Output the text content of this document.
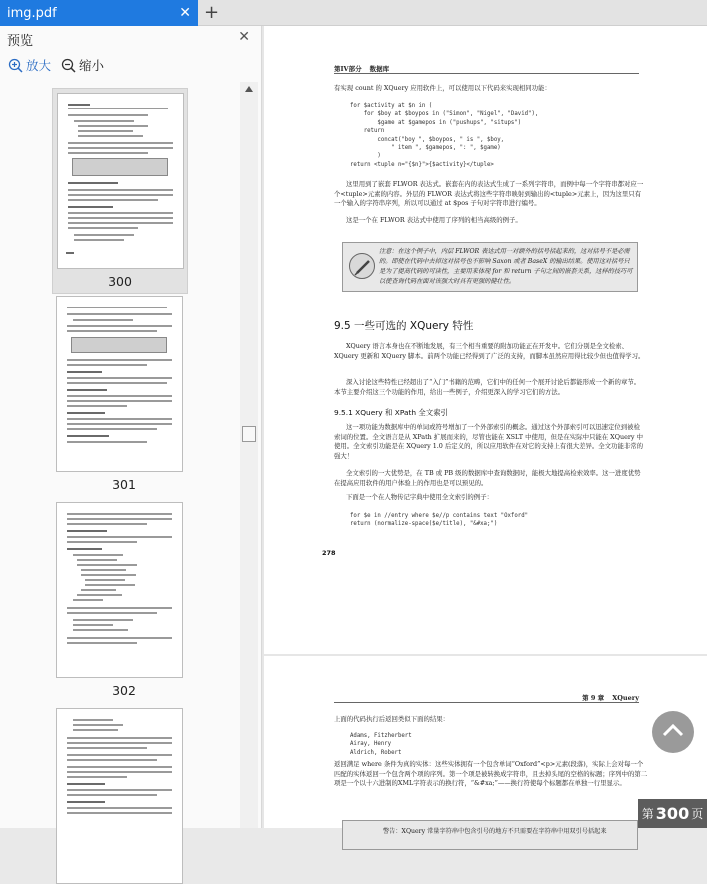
img.pdf	✕ +
预览	✕
放大 缩小
300
301
302
第IV部分 数据库
有实现 count 的 XQuery 应用软件上，可以使用以下代码来实现相同功能：
for $activity at $n in (
for $boy at $boypos in ("Simon", "Nigel", "David"),
$game at $gamepos in ("pushups", "situps")
return
concat("boy ", $boypos, " is ", $boy,
" item ", $gamepos, ": ", $game)
)
return <tuple n="{$n}">{$activity}</tuple>
这里用到了嵌套 FLWOR 表达式。嵌套在内的表达式生成了一系列字符串，而例中每一个字符串都对应一个<tuple>元素的内容。外层的 FLWOR 表达式将这些字符串映射到输出的<tuple>元素上，因为这里只有一个输入的字符串序列，所以可以通过 at $pos 子句对字符串进行编号。
这是一个在 FLWOR 表达式中使用了序列的相当高级的例子。
注意：在这个例子中，内层 FLWOR 表达式用一对额外的括号括起来的，这对括号不是必需的。即使在代码中去掉这对括号也不影响 Saxon 或者 BaseX 的输出结果。使用这对括号只是为了提高代码的可读性，主要用来体现 for 和 return 子句之间的嵌套关系，这样的技巧可以使查询代码在面对该强大时具有更强的健壮性。
9.5 一些可选的 XQuery 特性
XQuery 语言本身也在不断地发展，有三个相当重要的附加功能正在开发中。它们分别是全文检索、XQuery 更新和 XQuery 脚本。前两个功能已经得到了广泛的支持，而脚本虽然应用得比较少但也值得学习。
深入讨论这些特性已经超出了“入门”书籍的范畴，它们中的任何一个展开讨论后都能形成一个新的章节。本节主要介绍这三个功能的作用，给出一些例子，介绍更深入的学习它们的方法。
9.5.1 XQuery 和 XPath 全文索引
这一项功能为数据库中的单词或符号增加了一个外部索引的概念。通过这个外部索引可以迅速定位到被检索词的位置。全文语言是从 XPath 扩展而来的，尽管也能在 XSLT 中使用，但是在实际中只能在 XQuery 中使用。全文索引功能是在 XQuery 1.0 后定义的，所以应用软件在对它的支持上有很大差异。全文功能非常的强大！
全文索引的一大优势是，在 TB 或 PB 级的数据库中查询数据时，能极大地提高检索效率。这一进度优势在提高应用软件的用户体验上的作用也是可以预见的。
下面是一个在人物传记字典中使用全文索引的例子：
for $e in //entry where $e//p contains text "Oxford"
return (normalize-space($e/title), "&#xa;")
278
第 9 章 XQuery
上面的代码执行后返回类似下面的结果：
Adams, Fitzherbert
Airay, Henry
Aldrich, Robert
返回满足 where 条件为真的实体：这些实体拥有一个包含单词“Oxford”<p>元素(段落)，实际上会对每一个匹配的实体返回一个包含两个项的序列。第一个项是被转换成字符串，且去掉头尾的空格的标题；序列中的第二项是一个以十六进制的XML字符表示的换行符，“&#xa;”——换行符使每个标题都在单独一行里显示。
警告：XQuery 常量字符串中包含引号的地方不只需要在字符串中用双引号括起来
第 300 页
